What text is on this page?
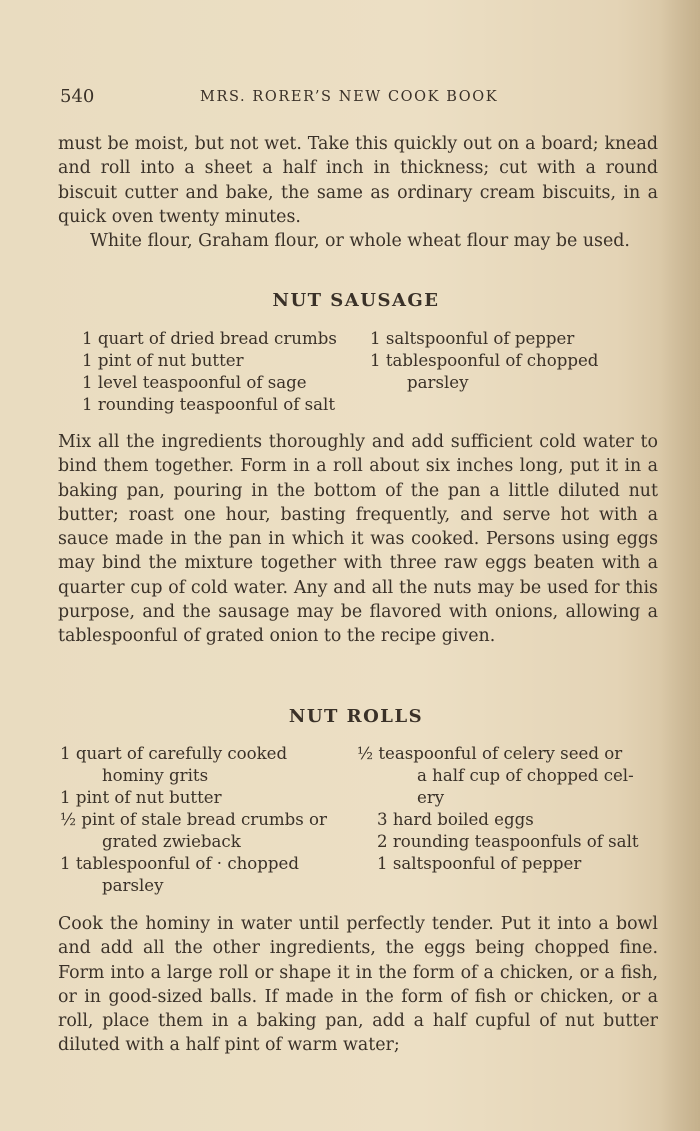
540	MRS. RORER’S NEW COOK BOOK

must be moist, but not wet. Take this quickly out on a board; knead and roll into a sheet a half inch in thickness; cut with a round biscuit cutter and bake, the same as ordinary cream biscuits, in a quick oven twenty minutes.

White flour, Graham flour, or whole wheat flour may be used.

NUT SAUSAGE
1 quart of dried bread crumbs
1 pint of nut butter
1 level teaspoonful of sage
1 rounding teaspoonful of salt
1 saltspoonful of pepper
1 tablespoonful of chopped
parsley

Mix all the ingredients thoroughly and add sufficient cold water to bind them together. Form in a roll about six inches long, put it in a baking pan, pouring in the bottom of the pan a little diluted nut butter; roast one hour, basting frequently, and serve hot with a sauce made in the pan in which it was cooked. Persons using eggs may bind the mixture together with three raw eggs beaten with a quarter cup of cold water. Any and all the nuts may be used for this purpose, and the sausage may be flavored with onions, allowing a tablespoonful of grated onion to the recipe given.

NUT ROLLS
1 quart of carefully cooked
hominy grits
1 pint of nut butter
½ pint of stale bread crumbs or
grated zwieback
1 tablespoonful of · chopped
parsley
½ teaspoonful of celery seed or
a half cup of chopped cel-
ery
3 hard boiled eggs
2 rounding teaspoonfuls of salt
1 saltspoonful of pepper

Cook the hominy in water until perfectly tender. Put it into a bowl and add all the other ingredients, the eggs being chopped fine. Form into a large roll or shape it in the form of a chicken, or a fish, or in good-sized balls. If made in the form of fish or chicken, or a roll, place them in a baking pan, add a half cupful of nut butter diluted with a half pint of warm water;
